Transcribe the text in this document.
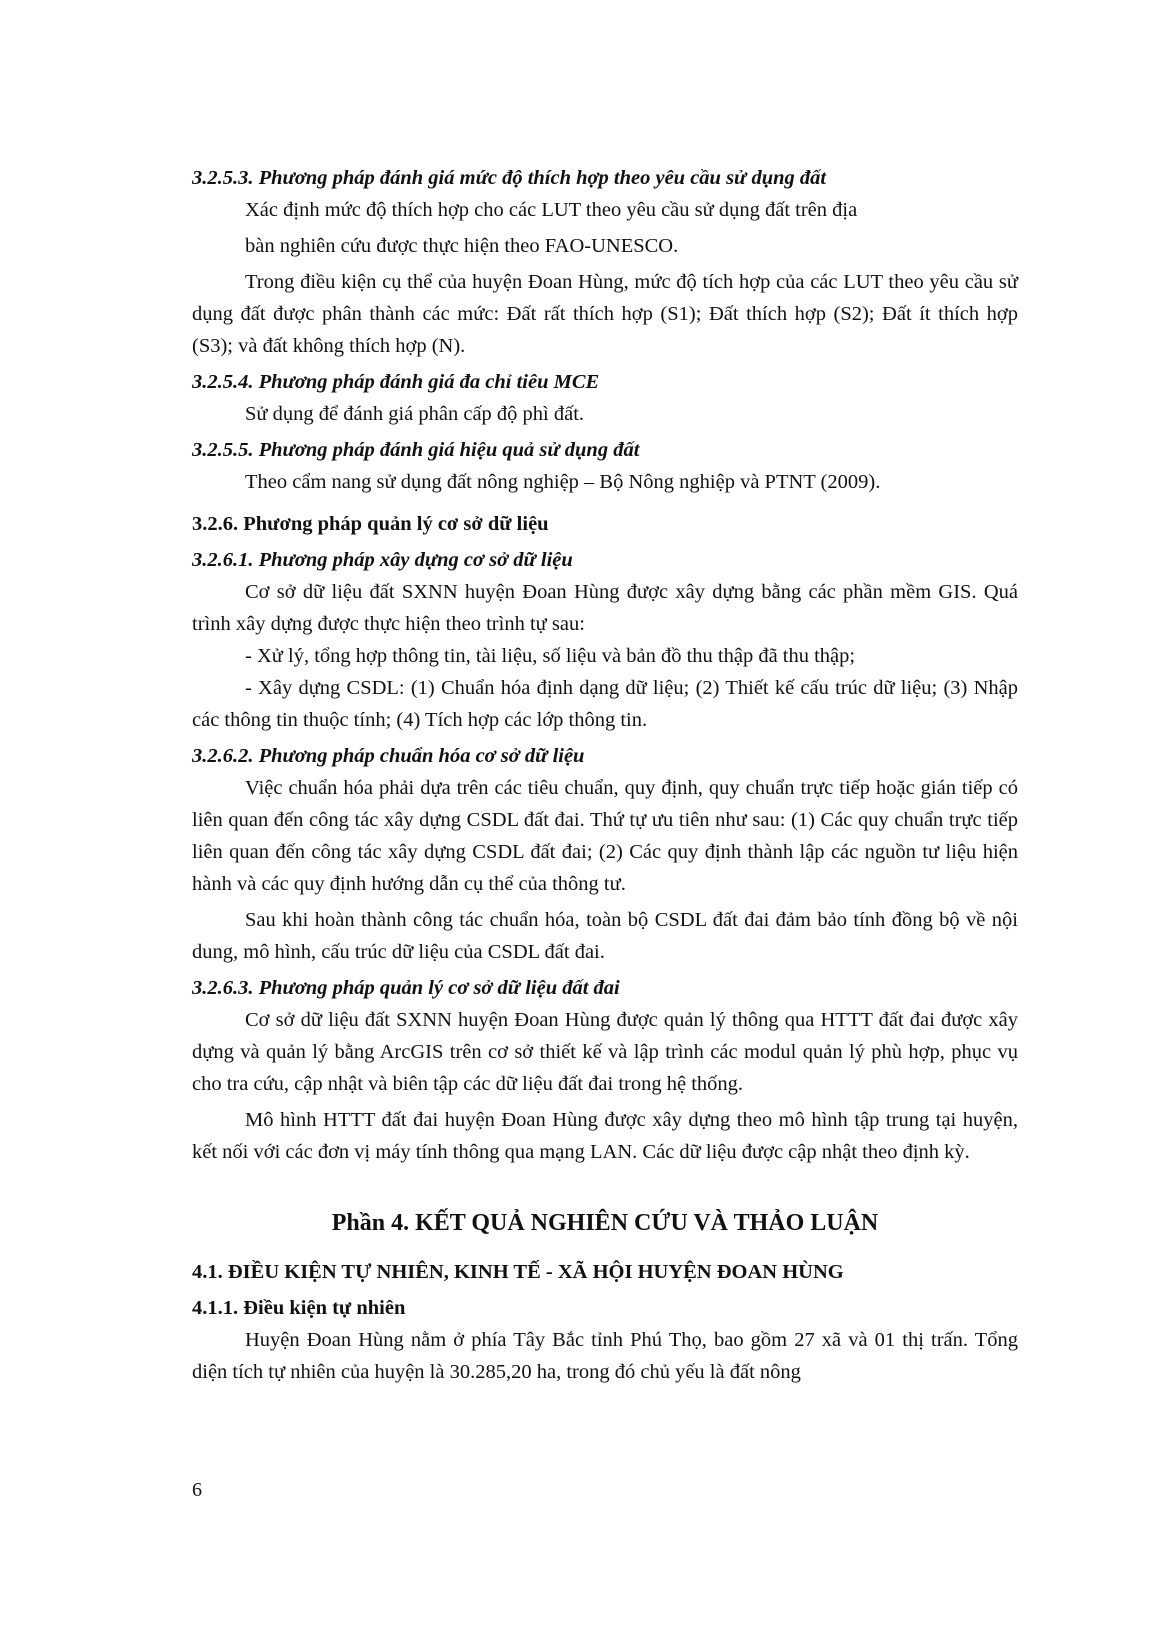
3.2.5.3. Phương pháp đánh giá mức độ thích hợp theo yêu cầu sử dụng đất

Xác định mức độ thích hợp cho các LUT theo yêu cầu sử dụng đất trên địa

bàn nghiên cứu được thực hiện theo FAO-UNESCO.

Trong điều kiện cụ thể của huyện Đoan Hùng, mức độ tích hợp của các LUT theo yêu cầu sử dụng đất được phân thành các mức: Đất rất thích hợp (S1); Đất thích hợp (S2); Đất ít thích hợp (S3); và đất không thích hợp (N).

3.2.5.4. Phương pháp đánh giá đa chỉ tiêu MCE

Sử dụng để đánh giá phân cấp độ phì đất.

3.2.5.5. Phương pháp đánh giá hiệu quả sử dụng đất

Theo cẩm nang sử dụng đất nông nghiệp – Bộ Nông nghiệp và PTNT (2009).

3.2.6. Phương pháp quản lý cơ sở dữ liệu
3.2.6.1. Phương pháp xây dựng cơ sở dữ liệu

Cơ sở dữ liệu đất SXNN huyện Đoan Hùng được xây dựng bằng các phần mềm GIS. Quá trình xây dựng được thực hiện theo trình tự sau:

- Xử lý, tổng hợp thông tin, tài liệu, số liệu và bản đồ thu thập đã thu thập;

- Xây dựng CSDL: (1) Chuẩn hóa định dạng dữ liệu; (2) Thiết kế cấu trúc dữ liệu; (3) Nhập các thông tin thuộc tính; (4) Tích hợp các lớp thông tin.

3.2.6.2. Phương pháp chuẩn hóa cơ sở dữ liệu

Việc chuẩn hóa phải dựa trên các tiêu chuẩn, quy định, quy chuẩn trực tiếp hoặc gián tiếp có liên quan đến công tác xây dựng CSDL đất đai. Thứ tự ưu tiên như sau: (1) Các quy chuẩn trực tiếp liên quan đến công tác xây dựng CSDL đất đai; (2) Các quy định thành lập các nguồn tư liệu hiện hành và các quy định hướng dẫn cụ thể của thông tư.

Sau khi hoàn thành công tác chuẩn hóa, toàn bộ CSDL đất đai đảm bảo tính đồng bộ về nội dung, mô hình, cấu trúc dữ liệu của CSDL đất đai.

3.2.6.3. Phương pháp quản lý cơ sở dữ liệu đất đai

Cơ sở dữ liệu đất SXNN huyện Đoan Hùng được quản lý thông qua HTTT đất đai được xây dựng và quản lý bằng ArcGIS trên cơ sở thiết kế và lập trình các modul quản lý phù hợp, phục vụ cho tra cứu, cập nhật và biên tập các dữ liệu đất đai trong hệ thống.

Mô hình HTTT đất đai huyện Đoan Hùng được xây dựng theo mô hình tập trung tại huyện, kết nối với các đơn vị máy tính thông qua mạng LAN. Các dữ liệu được cập nhật theo định kỳ.

Phần 4. KẾT QUẢ NGHIÊN CỨU VÀ THẢO LUẬN
4.1. ĐIỀU KIỆN TỰ NHIÊN, KINH TẾ - XÃ HỘI HUYỆN ĐOAN HÙNG
4.1.1. Điều kiện tự nhiên

Huyện Đoan Hùng nằm ở phía Tây Bắc tỉnh Phú Thọ, bao gồm 27 xã và 01 thị trấn. Tổng diện tích tự nhiên của huyện là 30.285,20 ha, trong đó chủ yếu là đất nông

6
